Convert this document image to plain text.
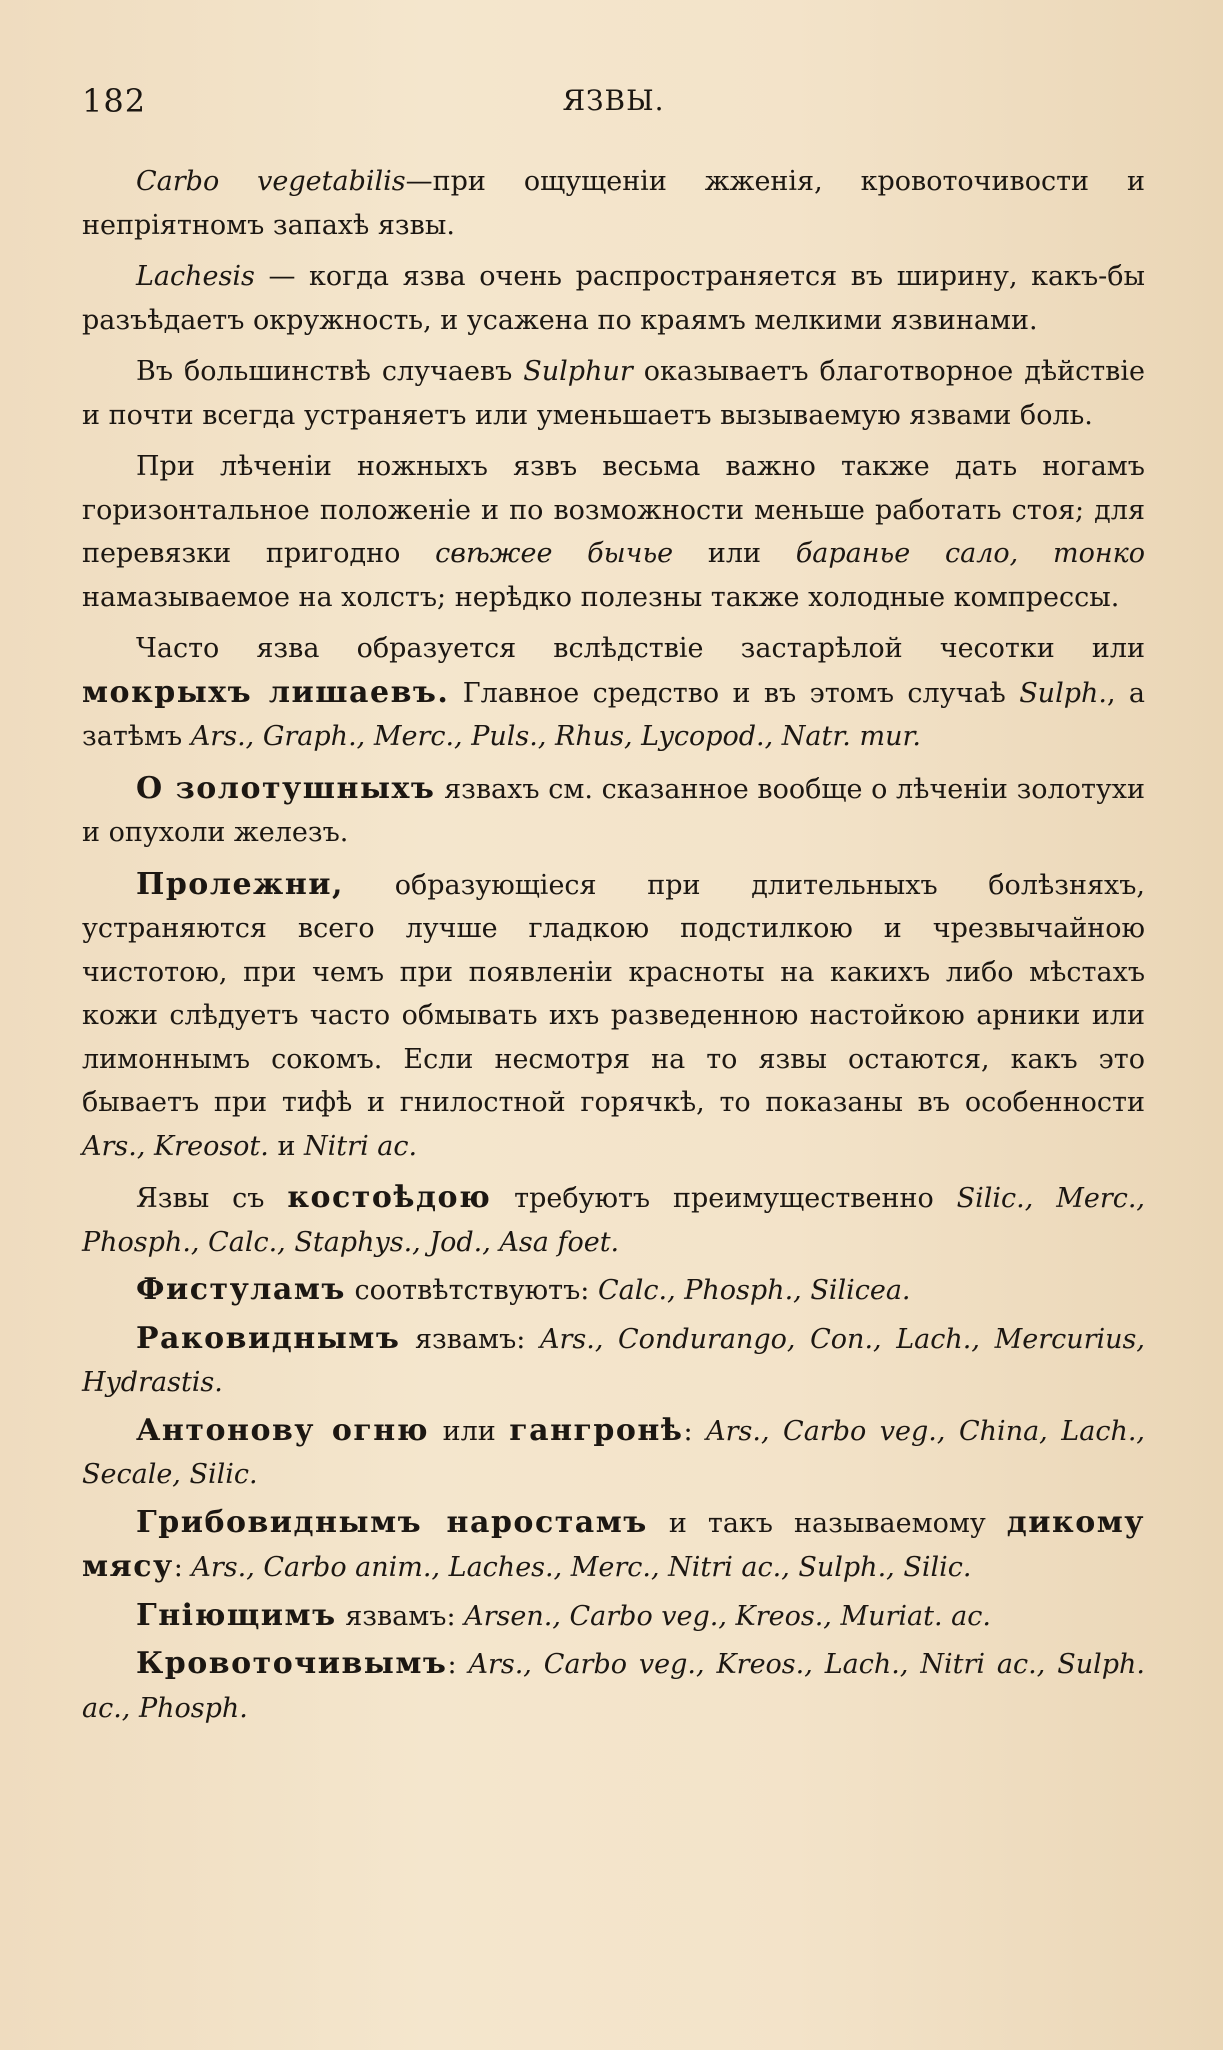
182	ЯЗВЫ.

Carbo vegetabilis—при ощущеніи жженія, кровоточивости и непріятномъ запахѣ язвы.

Lachesis — когда язва очень распространяется въ ширину, какъ-бы разъѣдаетъ окружность, и усажена по краямъ мелкими язвинами.

Въ большинствѣ случаевъ Sulphur оказываетъ благотворное дѣйствіе и почти всегда устраняетъ или уменьшаетъ вызываемую язвами боль.

При лѣченіи ножныхъ язвъ весьма важно также дать ногамъ горизонтальное положеніе и по возможности меньше работать стоя; для перевязки пригодно свѣжее бычье или баранье сало, тонко намазываемое на холстъ; нерѣдко полезны также холодные компрессы.

Часто язва образуется вслѣдствіе застарѣлой чесотки или мокрыхъ лишаевъ. Главное средство и въ этомъ случаѣ Sulph., а затѣмъ Ars., Graph., Merc., Puls., Rhus, Lycopod., Natr. mur.

О золотушныхъ язвахъ см. сказанное вообще о лѣченіи золотухи и опухоли железъ.

Пролежни, образующіеся при длительныхъ болѣзняхъ, устраняются всего лучше гладкою подстилкою и чрезвычайною чистотою, при чемъ при появленіи красноты на какихъ либо мѣстахъ кожи слѣдуетъ часто обмывать ихъ разведенною настойкою арники или лимоннымъ сокомъ. Если несмотря на то язвы остаются, какъ это бываетъ при тифѣ и гнилостной горячкѣ, то показаны въ особенности Ars., Kreosot. и Nitri ac.

Язвы съ костоѣдою требуютъ преимущественно Silic., Merc., Phosph., Calc., Staphys., Jod., Asa foet.

Фистуламъ соотвѣтствуютъ: Calc., Phosph., Silicea.

Раковиднымъ язвамъ: Ars., Condurango, Con., Lach., Mercurius, Hydrastis.

Антонову огню или гангронѣ: Ars., Carbo veg., China, Lach., Secale, Silic.

Грибовиднымъ наростамъ и такъ называемому дикому мясу: Ars., Carbo anim., Laches., Merc., Nitri ac., Sulph., Silic.

Гніющимъ язвамъ: Arsen., Carbo veg., Kreos., Muriat. ac.

Кровоточивымъ: Ars., Carbo veg., Kreos., Lach., Nitri ac., Sulph. ac., Phosph.
